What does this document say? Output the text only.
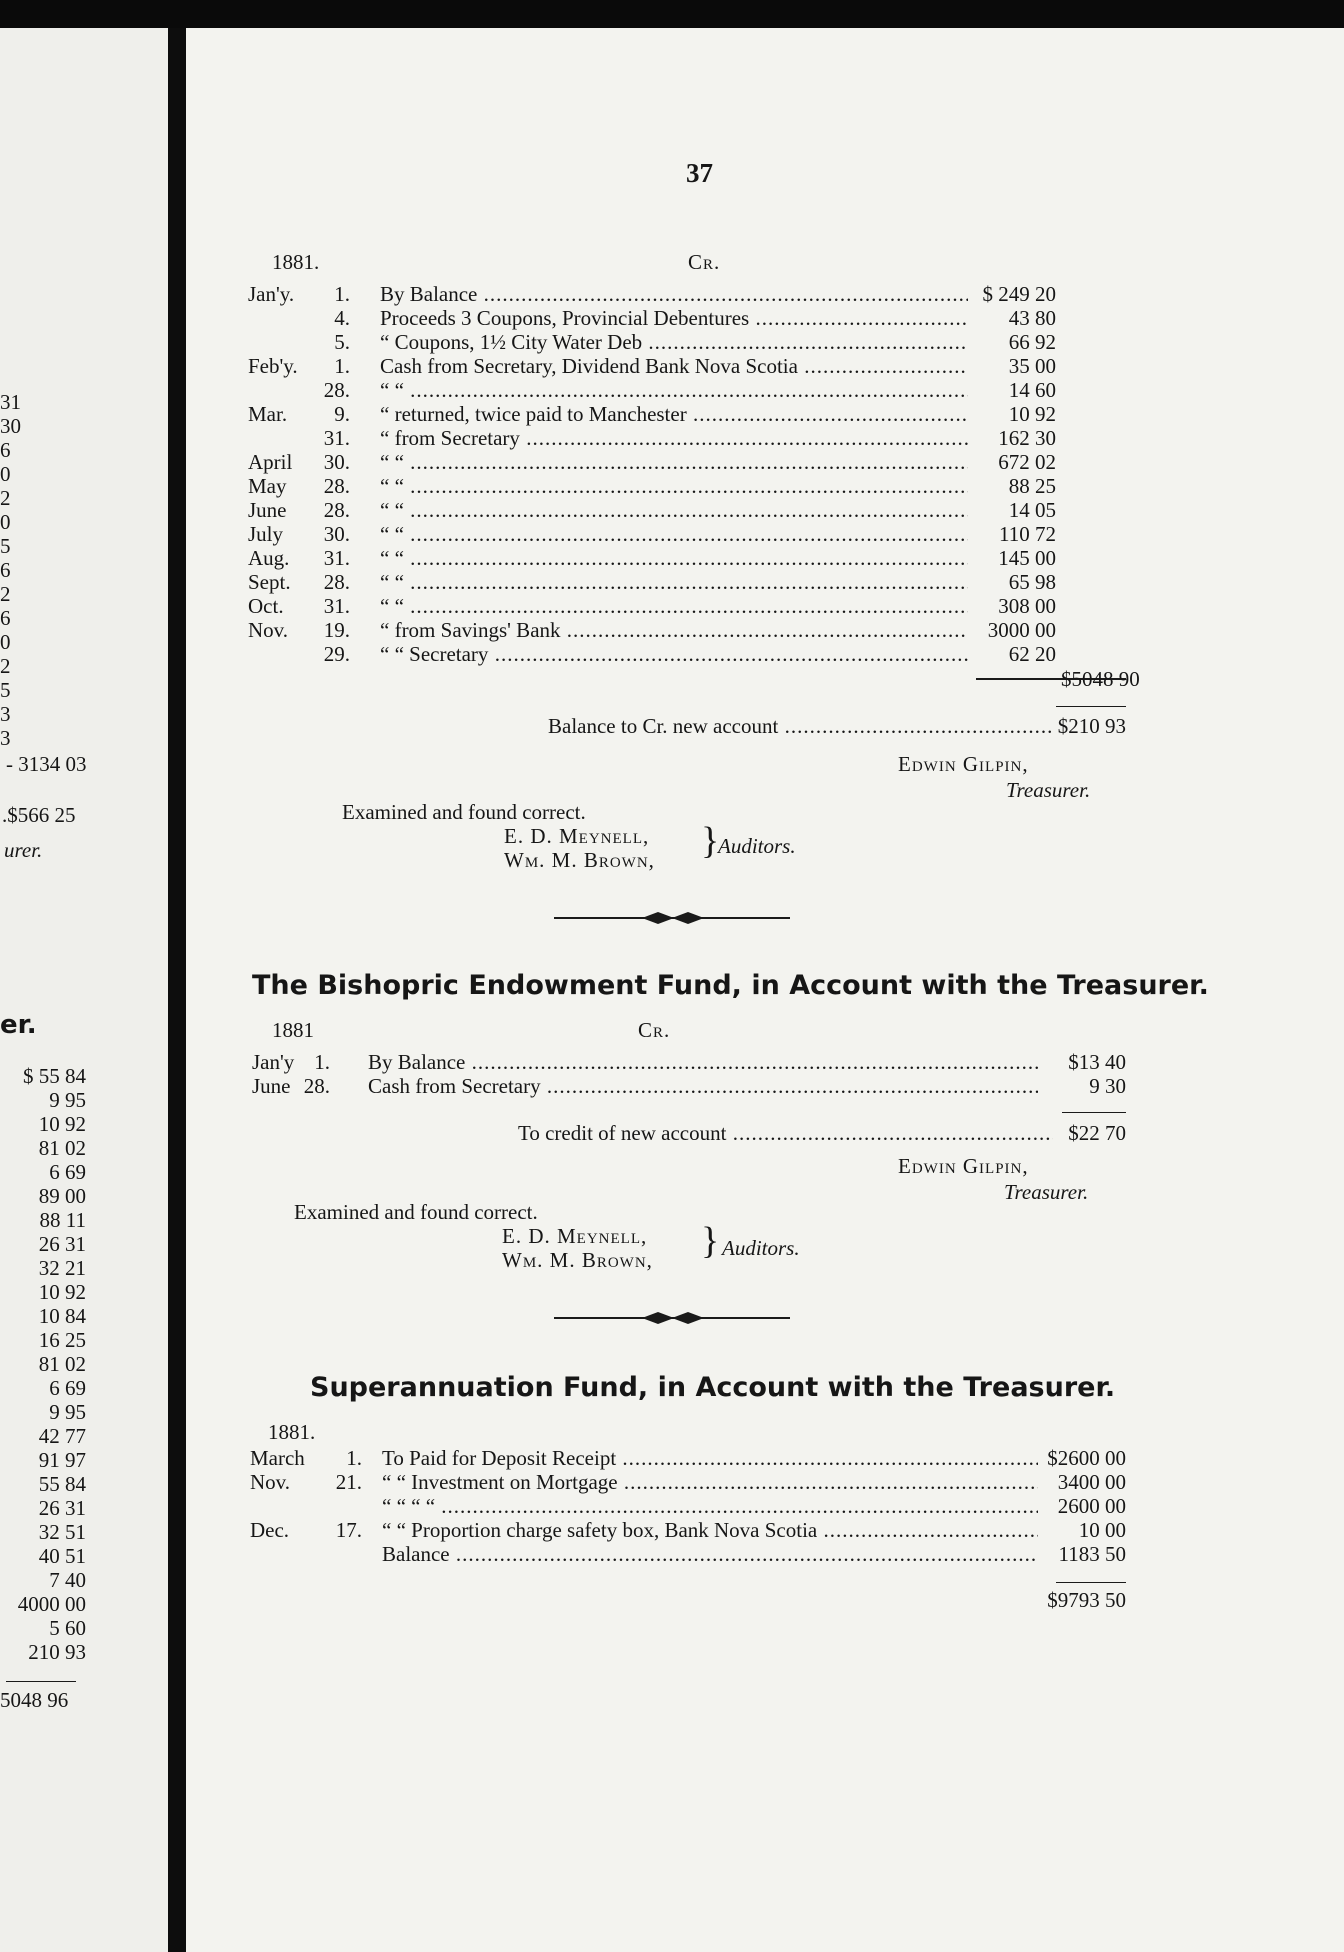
31
30
6
0
2
0
5
6
2
6
0
2
5
3
3
- 3134 03
.$566 25
urer.
er.
$ 55 84
9 95
10 92
81 02
6 69
89 00
88 11
26 31
32 21
10 92
10 84
16 25
81 02
6 69
9 95
42 77
91 97
55 84
26 31
32 51
40 51
7 40
4000 00
5 60
210 93
5048 96
37
1881.	Cr.
Jan'y.	1. By Balance .....	$ 249 20
4. Proceeds 3 Coupons, Provincial Debentures .....	43 80
5. “ Coupons, 1½ City Water Deb .....	66 92
Feb'y.	1. Cash from Secretary, Dividend Bank Nova Scotia .....	35 00
28. “ “ .....	14 60
Mar.	9. “ returned, twice paid to Manchester .....	10 92
31. “ from Secretary .....	162 30
April	30. “ “ .....	672 02
May	28. “ “ .....	88 25
June	28. “ “ .....	14 05
July	30. “ “ .....	110 72
Aug.	31. “ “ .....	145 00
Sept.	28. “ “ .....	65 98
Oct.	31. “ “ .....	308 00
Nov.	19. “ from Savings' Bank .....	3000 00
29. “ “ Secretary .....	62 20
$5048 90
Balance to Cr. new account .....	$210 93
Edwin Gilpin,
Treasurer.
Examined and found correct.
E. D. Meynell,
Wm. M. Brown, }
Auditors.
The Bishopric Endowment Fund, in Account with the Treasurer.
1881	Cr.
Jan'y 1. By Balance .....	$13 40
June 28. Cash from Secretary .....	9 30
To credit of new account .....	$22 70
Edwin Gilpin,
Treasurer.
Examined and found correct.
E. D. Meynell,
Wm. M. Brown, } Auditors.
Superannuation Fund, in Account with the Treasurer.
1881.
March	1. To Paid for Deposit Receipt .....	$2600 00
Nov.	21. “ “ Investment on Mortgage .....	3400 00
“ “ “ “ .....	2600 00
Dec.	17. “ “ Proportion charge safety box, Bank Nova Scotia .....	10 00
Balance .....	1183 50
$9793 50
